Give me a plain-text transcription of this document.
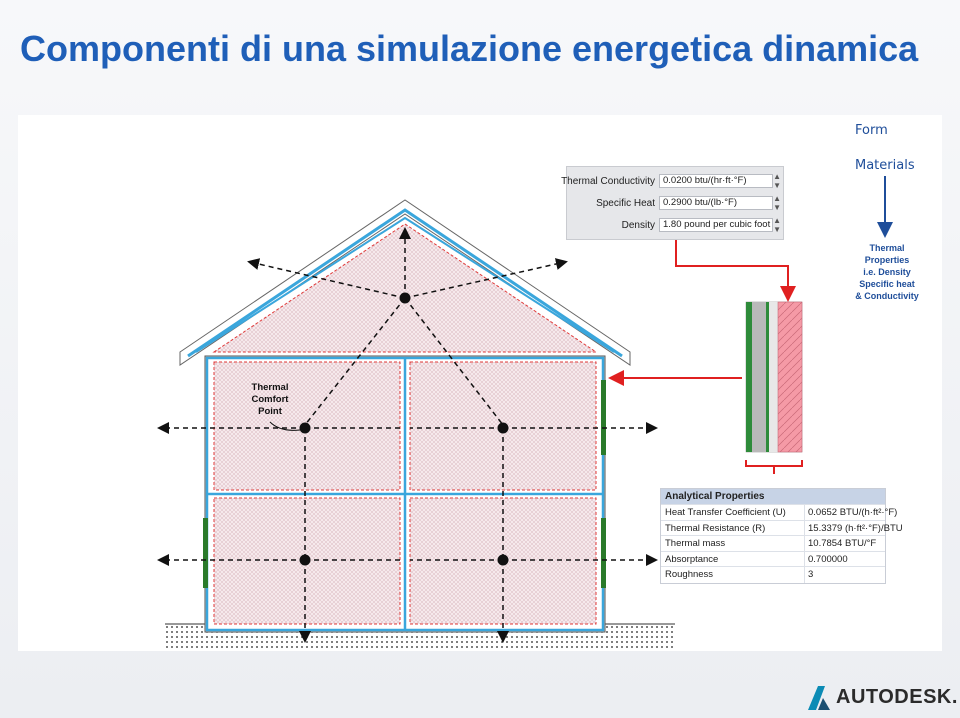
Componenti di una simulazione energetica dinamica
Form
Materials
Thermal
Properties
i.e. Density
Specific heat
& Conductivity
Thermal
Comfort
Point
Thermal Conductivity 0.0200 btu/(hr·ft·°F)	▲
▼
Specific Heat 0.2900 btu/(lb·°F)	▲
▼
Density 1.80 pound per cubic foot ▲
▼
Analytical Properties
Heat Transfer Coefficient (U) 0.0652 BTU/(h·ft²·°F)
Thermal Resistance (R)	15.3379 (h·ft²·°F)/BTU
Thermal mass	10.7854 BTU/°F
Absorptance	0.700000
Roughness	3
AUTODESK.
